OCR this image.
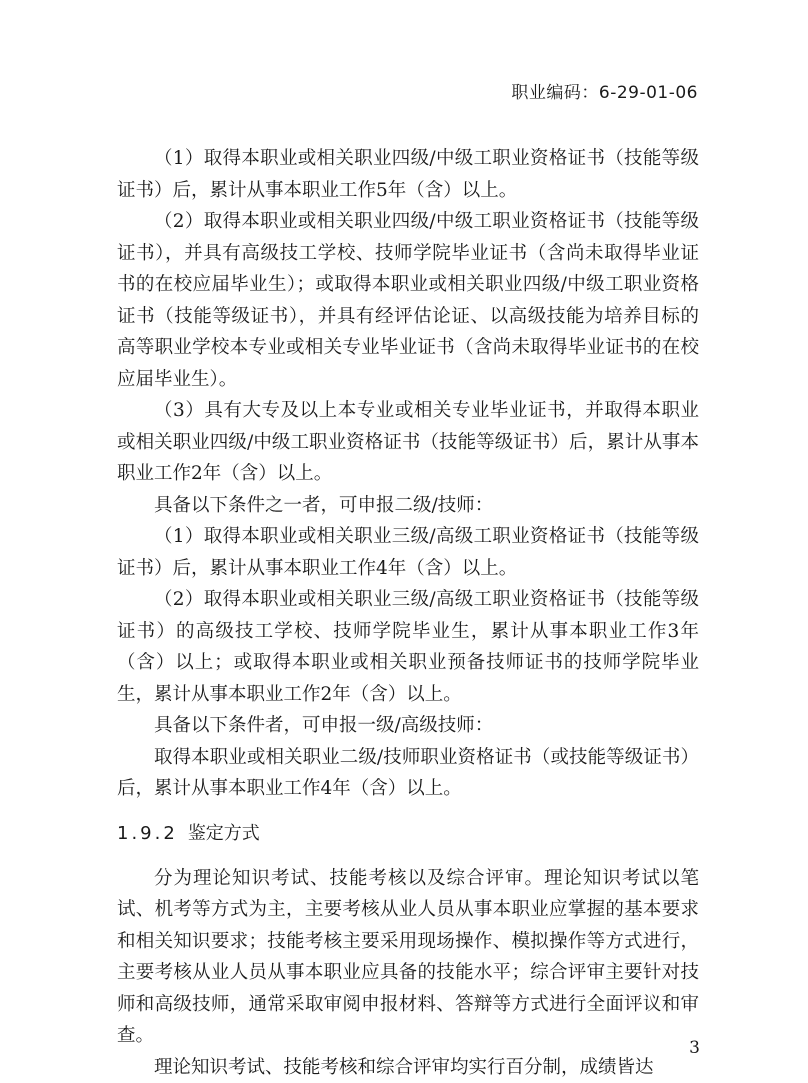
职业编码：6-29-01-06

（1）取得本职业或相关职业四级/中级工职业资格证书（技能等级证书）后，累计从事本职业工作5年（含）以上。

（2）取得本职业或相关职业四级/中级工职业资格证书（技能等级证书），并具有高级技工学校、技师学院毕业证书（含尚未取得毕业证书的在校应届毕业生）；或取得本职业或相关职业四级/中级工职业资格证书（技能等级证书），并具有经评估论证、以高级技能为培养目标的高等职业学校本专业或相关专业毕业证书（含尚未取得毕业证书的在校应届毕业生）。

（3）具有大专及以上本专业或相关专业毕业证书，并取得本职业或相关职业四级/中级工职业资格证书（技能等级证书）后，累计从事本职业工作2年（含）以上。

具备以下条件之一者，可申报二级/技师：

（1）取得本职业或相关职业三级/高级工职业资格证书（技能等级证书）后，累计从事本职业工作4年（含）以上。

（2）取得本职业或相关职业三级/高级工职业资格证书（技能等级证书）的高级技工学校、技师学院毕业生，累计从事本职业工作3年（含）以上；或取得本职业或相关职业预备技师证书的技师学院毕业生，累计从事本职业工作2年（含）以上。

具备以下条件者，可申报一级/高级技师：

取得本职业或相关职业二级/技师职业资格证书（或技能等级证书）后，累计从事本职业工作4年（含）以上。

1.9.2 鉴定方式

分为理论知识考试、技能考核以及综合评审。理论知识考试以笔试、机考等方式为主，主要考核从业人员从事本职业应掌握的基本要求和相关知识要求；技能考核主要采用现场操作、模拟操作等方式进行，主要考核从业人员从事本职业应具备的技能水平；综合评审主要针对技师和高级技师，通常采取审阅申报材料、答辩等方式进行全面评议和审查。

理论知识考试、技能考核和综合评审均实行百分制，成绩皆达

3
